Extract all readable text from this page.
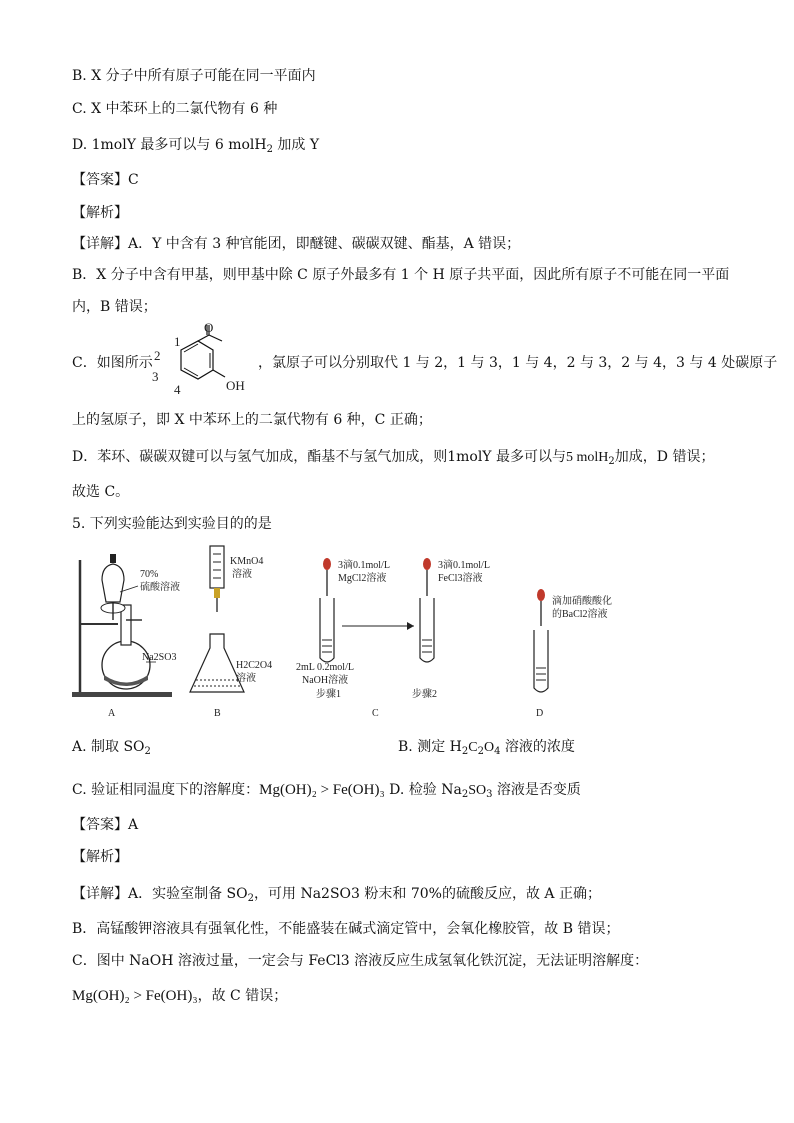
B. X 分子中所有原子可能在同一平面内
C. X 中苯环上的二氯代物有 6 种
D. 1molY 最多可以与 6 molH$_2$ 加成 Y
【答案】C
【解析】
【详解】A．Y 中含有 3 种官能团，即醚键、碳碳双键、酯基，A 错误；
B．X 分子中含有甲基，则甲基中除 C 原子外最多有 1 个 H 原子共平面，因此所有原子不可能在同一平面
内，B 错误；
C．如图所示
O
OH
1
2
3
4
，氯原子可以分别取代 1 与 2，1 与 3，1 与 4，2 与 3，2 与 4，3 与 4 处碳原子
上的氢原子，即 X 中苯环上的二氯代物有 6 种，C 正确；
D．苯环、碳碳双键可以与氢气加成，酯基不与氢气加成，则1molY 最多可以与5 molH$_2$加成，D 错误；
故选 C。
5. 下列实验能达到实验目的的是
70%
硫酸溶液
Na2SO3
A
KMnO4
溶液
H2C2O4
溶液
B
3滴0.1mol/L
MgCl2溶液
3滴0.1mol/L
FeCl3溶液
2mL 0.2mol/L
NaOH溶液
步骤1	步骤2
C
滴加硝酸酸化
的BaCl2溶液
D
A. 制取 $SO_2$	B. 测定 $H_2C_2O_4$ 溶液的浓度
C. 验证相同温度下的溶解度：Mg(OH)₂ > Fe(OH)₃ D. 检验 $Na_2SO_3$ 溶液是否变质
【答案】A
【解析】
【详解】A．实验室制备 $SO_2$，可用 Na2SO3 粉末和 70%的硫酸反应，故 A 正确；
B．高锰酸钾溶液具有强氧化性，不能盛装在碱式滴定管中，会氧化橡胶管，故 B 错误；
C．图中 NaOH 溶液过量，一定会与 FeCl3 溶液反应生成氢氧化铁沉淀，无法证明溶解度：
Mg(OH)₂ > Fe(OH)₃，故 C 错误；
